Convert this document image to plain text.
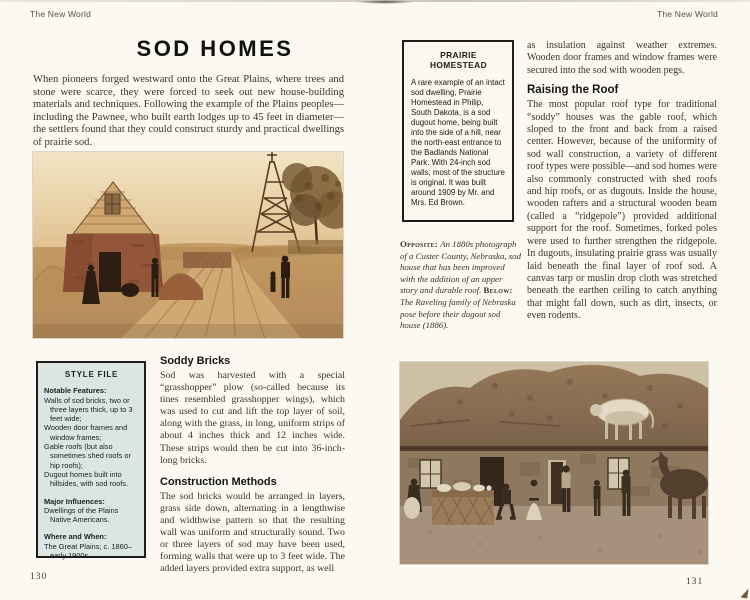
The New World
SOD HOMES
When pioneers forged westward onto the Great Plains, where trees and stone were scarce, they were forced to seek out new house-building materials and techniques. Following the example of the Plains peoples—including the Pawnee, who built earth lodges up to 45 feet in diameter—the settlers found that they could construct sturdy and practical dwellings of prairie sod.
STYLE FILE
Notable Features:
Walls of sod bricks, two or three layers thick, up to 3 feet wide;
Wooden door frames and window frames;
Gable roofs (but also sometimes shed roofs or hip roofs);
Dugout homes built into hillsides, with sod roofs.
Major Influences:
Dwellings of the Plains Native Americans.
Where and When:
The Great Plains; c. 1860–early 1900s.
Soddy Bricks

Sod was harvested with a special “grasshopper” plow (so-called because its tines resembled grasshopper wings), which was used to cut and lift the top layer of soil, along with the grass, in long, uniform strips of about 4 inches thick and 12 inches wide. These strips would then be cut into 36-inch-long bricks.

Construction Methods

The sod bricks would be arranged in layers, grass side down, alternating in a lengthwise and widthwise pattern so that the resulting wall was uniform and structurally sound. Two or three layers of sod may have been used, forming walls that were up to 3 feet wide. The added layers provided extra support, as well

130
The New World
PRAIRIE HOMESTEAD
A rare example of an intact sod dwelling, Prairie Homestead in Philip, South Dakota, is a sod dugout home, being built into the side of a hill, near the north-east entrance to the Badlands National Park. With 24-inch sod walls, most of the structure is original. It was built around 1909 by Mr. and Mrs. Ed Brown.
Opposite: An 1880s photograph of a Custer County, Nebraska, sod house that has been improved with the addition of an upper story and durable roof. Below: The Raveling family of Nebraska pose before their dugout sod house (1886).

as insulation against weather extremes. Wooden door frames and window frames were secured into the sod with wooden pegs.

Raising the Roof

The most popular roof type for traditional “soddy” houses was the gable roof, which sloped to the front and back from a raised center. However, because of the uniformity of sod wall construction, a variety of different roof types were possible—and sod homes were also commonly constructed with shed roofs and hip roofs, or as dugouts. Inside the house, wooden rafters and a structural wooden beam (called a “ridgepole”) provided additional support for the roof. Sometimes, forked poles were used to further strengthen the ridgepole. In dugouts, insulating prairie grass was usually laid beneath the final layer of roof sod. A canvas tarp or muslin drop cloth was stretched beneath the earthen ceiling to catch anything that might fall down, such as dirt, insects, or even rodents.

131
